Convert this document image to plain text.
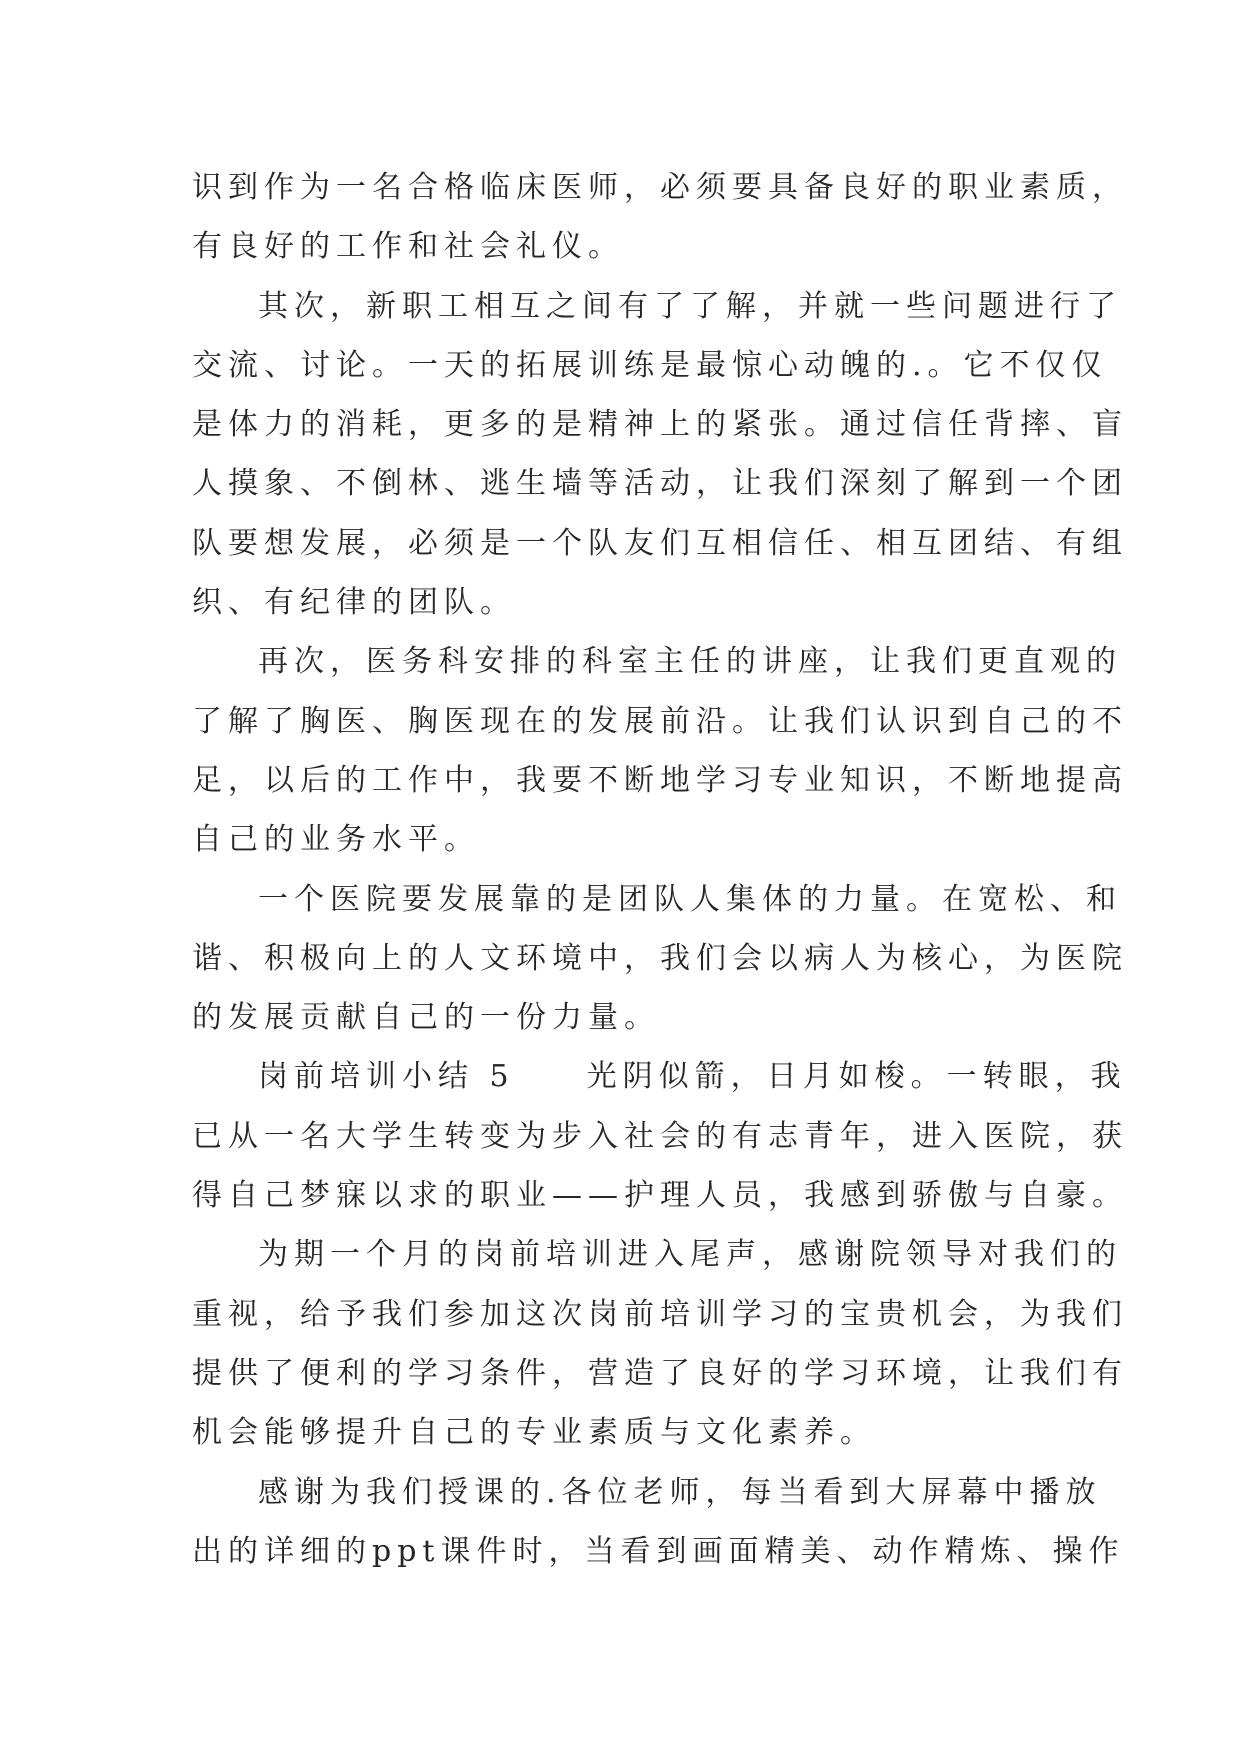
识到作为一名合格临床医师，必须要具备良好的职业素质，
有良好的工作和社会礼仪。
其次，新职工相互之间有了了解，并就一些问题进行了
交流、讨论。一天的拓展训练是最惊心动魄的.。它不仅仅
是体力的消耗，更多的是精神上的紧张。通过信任背摔、盲
人摸象、不倒林、逃生墙等活动，让我们深刻了解到一个团
队要想发展，必须是一个队友们互相信任、相互团结、有组
织、有纪律的团队。
再次，医务科安排的科室主任的讲座，让我们更直观的
了解了胸医、胸医现在的发展前沿。让我们认识到自己的不
足，以后的工作中，我要不断地学习专业知识，不断地提高
自己的业务水平。
一个医院要发展靠的是团队人集体的力量。在宽松、和
谐、积极向上的人文环境中，我们会以病人为核心，为医院
的发展贡献自己的一份力量。
岗前培训小结 5　　光阴似箭，日月如梭。一转眼，我
已从一名大学生转变为步入社会的有志青年，进入医院，获
得自己梦寐以求的职业——护理人员，我感到骄傲与自豪。
为期一个月的岗前培训进入尾声，感谢院领导对我们的
重视，给予我们参加这次岗前培训学习的宝贵机会，为我们
提供了便利的学习条件，营造了良好的学习环境，让我们有
机会能够提升自己的专业素质与文化素养。
感谢为我们授课的.各位老师，每当看到大屏幕中播放
出的详细的ppt课件时，当看到画面精美、动作精炼、操作
